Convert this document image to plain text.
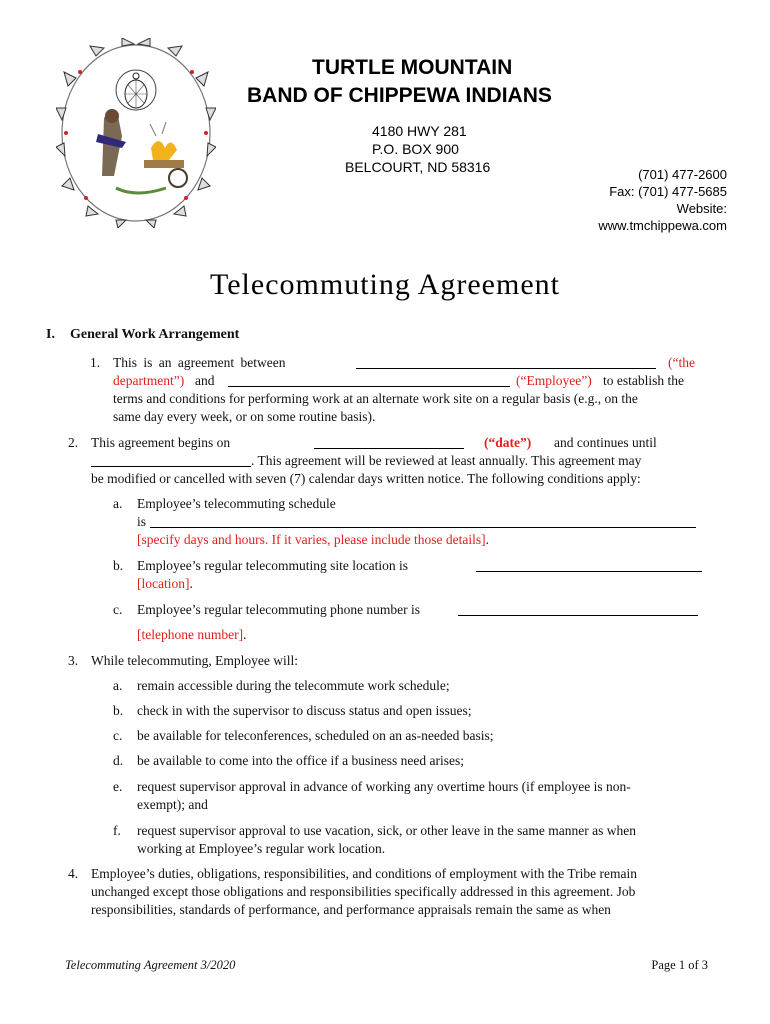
TURTLE MOUNTAIN
BAND OF CHIPPEWA INDIANS
4180 HWY 281
P.O. BOX 900
BELCOURT, ND 58316	(701) 477-2600
Fax: (701) 477-5685
Website:
www.tmchippewa.com
Telecommuting Agreement
I. General Work Arrangement
1. This is an agreement between	(“the
department”) and	(“Employee”) to establish the
terms and conditions for performing work at an alternate work site on a regular basis (e.g., on the
same day every week, or on some routine basis).
2. This agreement begins on	(“date”) and continues until
. This agreement will be reviewed at least annually. This agreement may
be modified or cancelled with seven (7) calendar days written notice. The following conditions apply:
a. Employee’s telecommuting schedule
is
[specify days and hours. If it varies, please include those details].
b. Employee’s regular telecommuting site location is
[location].
c. Employee’s regular telecommuting phone number is
[telephone number].
3. While telecommuting, Employee will:
a. remain accessible during the telecommute work schedule;
b. check in with the supervisor to discuss status and open issues;
c. be available for teleconferences, scheduled on an as-needed basis;
d. be available to come into the office if a business need arises;
e. request supervisor approval in advance of working any overtime hours (if employee is non-
exempt); and
f. request supervisor approval to use vacation, sick, or other leave in the same manner as when
working at Employee’s regular work location.
4. Employee’s duties, obligations, responsibilities, and conditions of employment with the Tribe remain
unchanged except those obligations and responsibilities specifically addressed in this agreement. Job
responsibilities, standards of performance, and performance appraisals remain the same as when
Telecommuting Agreement 3/2020	Page 1 of 3
